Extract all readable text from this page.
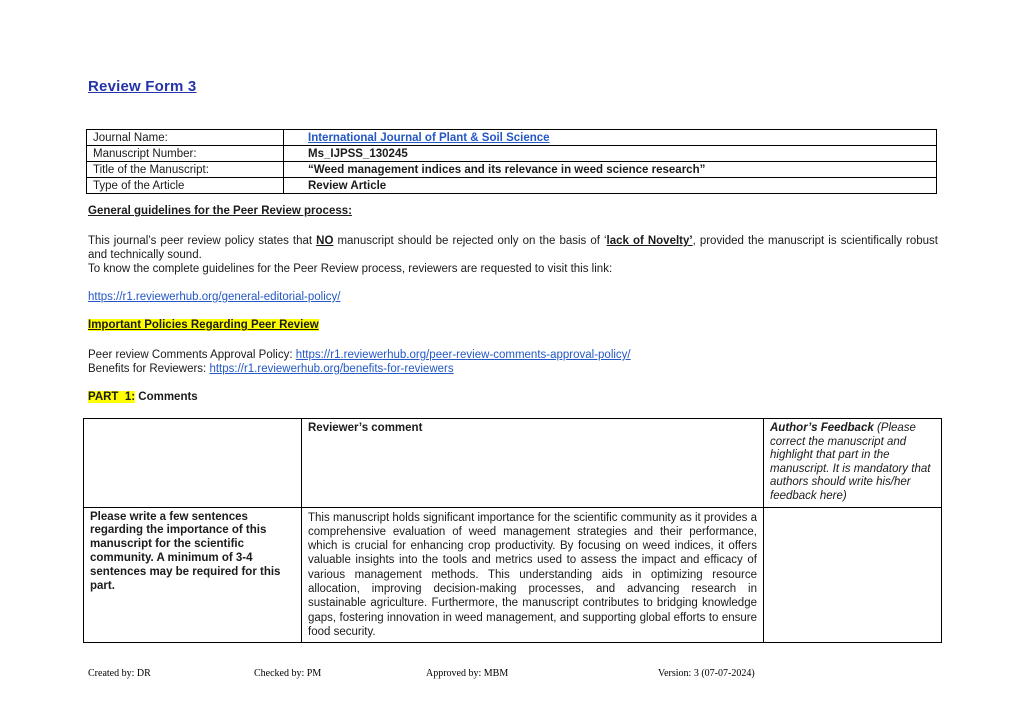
Review Form 3
Journal Name:	International Journal of Plant & Soil Science
Manuscript Number:	Ms_IJPSS_130245
Title of the Manuscript:	“Weed management indices and its relevance in weed science research”
Type of the Article	Review Article

General guidelines for the Peer Review process:

This journal’s peer review policy states that NO manuscript should be rejected only on the basis of ‘lack of Novelty’, provided the manuscript is scientifically robust and technically sound.

To know the complete guidelines for the Peer Review process, reviewers are requested to visit this link:

https://r1.reviewerhub.org/general-editorial-policy/

Important Policies Regarding Peer Review

Peer review Comments Approval Policy: https://r1.reviewerhub.org/peer-review-comments-approval-policy/

Benefits for Reviewers: https://r1.reviewerhub.org/benefits-for-reviewers

PART  1: Comments

	Reviewer’s comment	Author’s Feedback (Please correct the manuscript and highlight that part in the manuscript. It is mandatory that authors should write his/her feedback here)
Please write a few sentences regarding the importance of this manuscript for the scientific community. A minimum of 3-4 sentences may be required for this part.	This manuscript holds significant importance for the scientific community as it provides a comprehensive evaluation of weed management strategies and their performance, which is crucial for enhancing crop productivity. By focusing on weed indices, it offers valuable insights into the tools and metrics used to assess the impact and efficacy of various management methods. This understanding aids in optimizing resource allocation, improving decision-making processes, and advancing research in sustainable agriculture. Furthermore, the manuscript contributes to bridging knowledge gaps, fostering innovation in weed management, and supporting global efforts to ensure food security.	
Created by: DR	Checked by: PM	Approved by: MBM	Version: 3 (07-07-2024)
